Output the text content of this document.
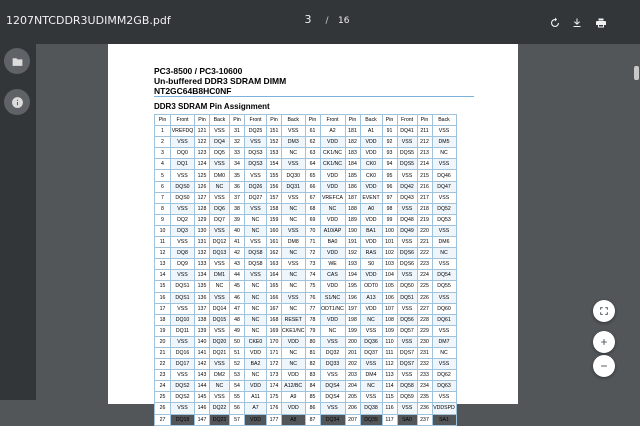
1207NTCDDR3UDIMM2GB.pdf	3 / 16
PC3-8500 / PC3-10600
Un-buffered DDR3 SDRAM DIMM
NT2GC64B8HC0NF
DDR3 SDRAM Pin Assignment
Pin	Front	Pin	Back	Pin	Front	Pin	Back	Pin	Front	Pin	Back	Pin	Front	Pin	Back
1	VREFDQ	121	VSS	31	DQ25	151	VSS	61	A2	181	A1	91	DQ41	211	VSS
2	VSS	122	DQ4	32	VSS	152	DM3	62	VDD	182	VDD	92	VSS	212	DM5
3	DQ0	123	DQ5	33	DQS3	153	NC	63	CK1/NC	183	VDD	93	DQS5	213	NC
4	DQ1	124	VSS	34	DQS3	154	VSS	64	CK1/NC	184	CK0	94	DQS5	214	VSS
5	VSS	125	DM0	35	VSS	155	DQ30	65	VDD	185	CK0	95	VSS	215	DQ46
6	DQS0	126	NC	36	DQ26	156	DQ31	66	VDD	186	VDD	96	DQ42	216	DQ47
7	DQS0	127	VSS	37	DQ27	157	VSS	67	VREFCA	187	EVENT	97	DQ43	217	VSS
8	VSS	128	DQ6	38	VSS	158	NC	68	NC	188	A0	98	VSS	218	DQ52
9	DQ2	129	DQ7	39	NC	159	NC	69	VDD	189	VDD	99	DQ48	219	DQ53
10	DQ3	130	VSS	40	NC	160	VSS	70	A10/AP	190	BA1	100	DQ49	220	VSS
11	VSS	131	DQ12	41	VSS	161	DM8	71	BA0	191	VDD	101	VSS	221	DM6
12	DQ8	132	DQ13	42	DQS8	162	NC	72	VDD	192	RAS	102	DQS6	222	NC
13	DQ9	133	VSS	43	DQS8	163	VSS	73	WE	193	S0	103	DQS6	223	VSS
14	VSS	134	DM1	44	VSS	164	NC	74	CAS	194	VDD	104	VSS	224	DQ54
15	DQS1	135	NC	45	NC	165	NC	75	VDD	195	ODT0	105	DQ50	225	DQ55
16	DQS1	136	VSS	46	NC	166	VSS	76	S1/NC	196	A13	106	DQ51	226	VSS
17	VSS	137	DQ14	47	NC	167	NC	77	ODT1/NC	197	VDD	107	VSS	227	DQ60
18	DQ10	138	DQ15	48	NC	168	RESET	78	VDD	198	NC	108	DQ56	228	DQ61
19	DQ11	139	VSS	49	NC	169	CKE1/NC	79	NC	199	VSS	109	DQ57	229	VSS
20	VSS	140	DQ20	50	CKE0	170	VDD	80	VSS	200	DQ36	110	VSS	230	DM7
21	DQ16	141	DQ21	51	VDD	171	NC	81	DQ32	201	DQ37	111	DQS7	231	NC
22	DQ17	142	VSS	52	BA2	172	NC	82	DQ33	202	VSS	112	DQS7	232	VSS
23	VSS	143	DM2	53	NC	173	VDD	83	VSS	203	DM4	113	VSS	233	DQ62
24	DQS2	144	NC	54	VDD	174	A12/BC	84	DQS4	204	NC	114	DQ58	234	DQ63
25	DQS2	145	VSS	55	A11	175	A9	85	DQS4	205	VSS	115	DQ59	235	VSS
26	VSS	146	DQ22	56	A7	176	VDD	86	VSS	206	DQ38	116	VSS	236	VDDSPD
27	DQ18	147	DQ23	57	VDD	177	A8	87	DQ34	207	DQ39	117	SA0	237	SA1
